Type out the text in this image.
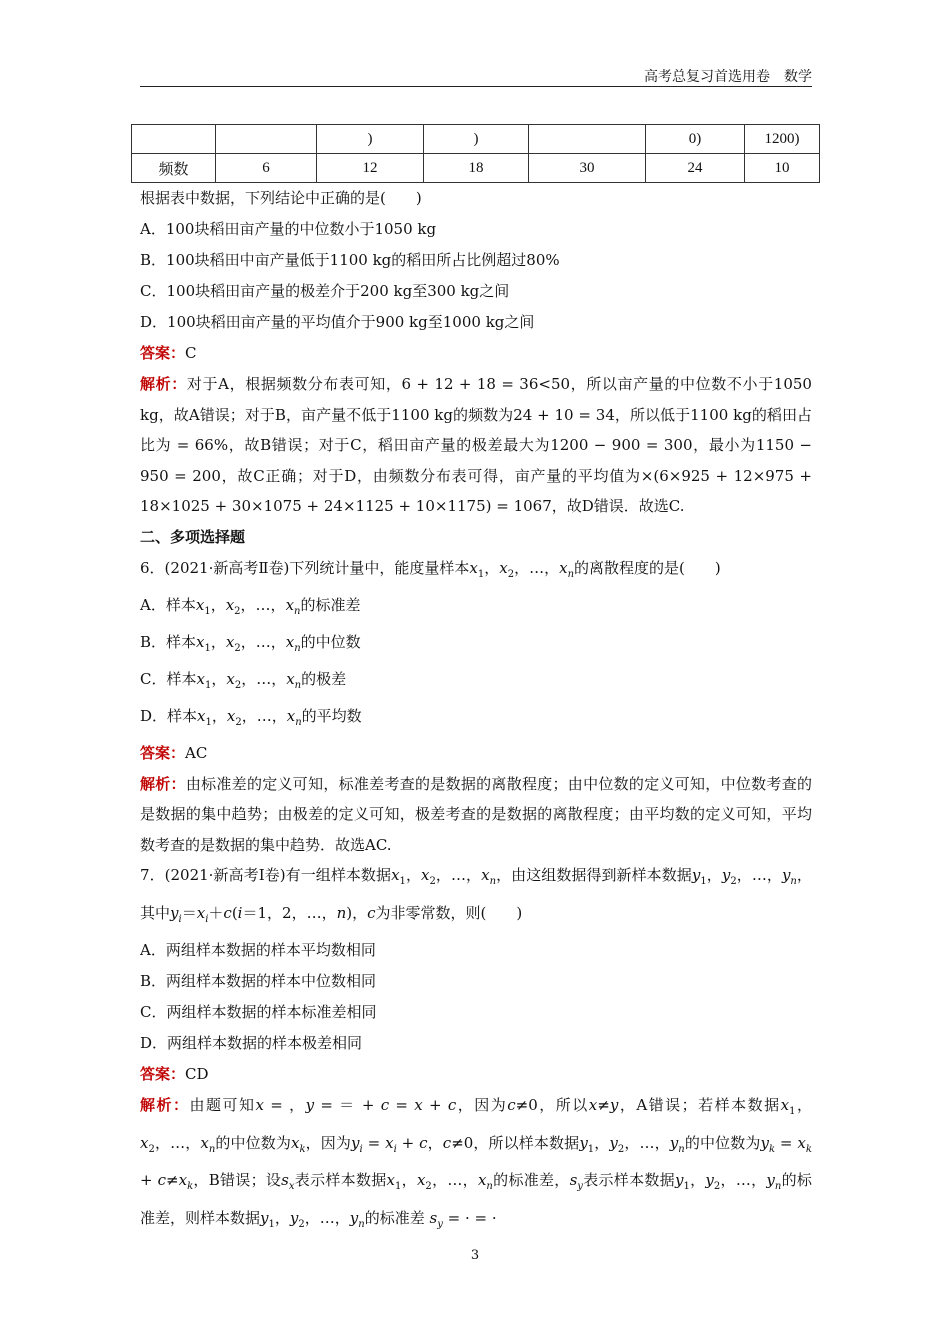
高考总复习首选用卷　数学
		)	)		0)	1200)
频数	6	12	18	30	24	10
根据表中数据，下列结论中正确的是(　　)
A．100块稻田亩产量的中位数小于1050 kg
B．100块稻田中亩产量低于1100 kg的稻田所占比例超过80%
C．100块稻田亩产量的极差介于200 kg至300 kg之间
D．100块稻田亩产量的平均值介于900 kg至1000 kg之间
答案：C
解析：对于A，根据频数分布表可知，6 + 12 + 18 = 36<50，所以亩产量的中位数不小于1050 kg，故A错误；对于B，亩产量不低于1100 kg的频数为24 + 10 = 34，所以低于1100 kg的稻田占比为 = 66%，故B错误；对于C，稻田亩产量的极差最大为1200 − 900 = 300，最小为1150 − 950 = 200，故C正确；对于D，由频数分布表可得，亩产量的平均值为×(6×925 + 12×975 + 18×1025 + 30×1075 + 24×1125 + 10×1175) = 1067，故D错误．故选C.
二、多项选择题
6．(2021·新高考Ⅱ卷)下列统计量中，能度量样本$x_1$，$x_2$，…，$x_n$的离散程度的是(　　)
A．样本$x_1$，$x_2$，…，$x_n$的标准差
B．样本$x_1$，$x_2$，…，$x_n$的中位数
C．样本$x_1$，$x_2$，…，$x_n$的极差
D．样本$x_1$，$x_2$，…，$x_n$的平均数
答案：AC
解析：由标准差的定义可知，标准差考查的是数据的离散程度；由中位数的定义可知，中位数考查的是数据的集中趋势；由极差的定义可知，极差考查的是数据的离散程度；由平均数的定义可知，平均数考查的是数据的集中趋势．故选AC.
7．(2021·新高考Ⅰ卷)有一组样本数据$x_1$，$x_2$，…，$x_n$，由这组数据得到新样本数据$y_1$，$y_2$，…，$y_n$，其中$y_i=x_i+c(i=1$，2，…，n)，c为非零常数，则(　　)
A．两组样本数据的样本平均数相同
B．两组样本数据的样本中位数相同
C．两组样本数据的样本标准差相同
D．两组样本数据的样本极差相同
答案：CD
解析：由题可知x = ，y = ＝ + c = x + c，因为c≠0，所以x≠y，A错误；若样本数据$x_1$，$x_2$，…，$x_n$的中位数为$x_k$，因为$y_i = x_i + c$，c≠0，所以样本数据$y_1$，$y_2$，…，$y_n$的中位数为$y_k = x_k + c\ne x_k$，B错误；设$s_x$表示样本数据$x_1$，$x_2$，…，$x_n$的标准差，$s_y$表示样本数据$y_1$，$y_2$，…，$y_n$的标准差，则样本数据$y_1$，$y_2$，…，$y_n$的标准差 $s_y$ = · = ·
3
